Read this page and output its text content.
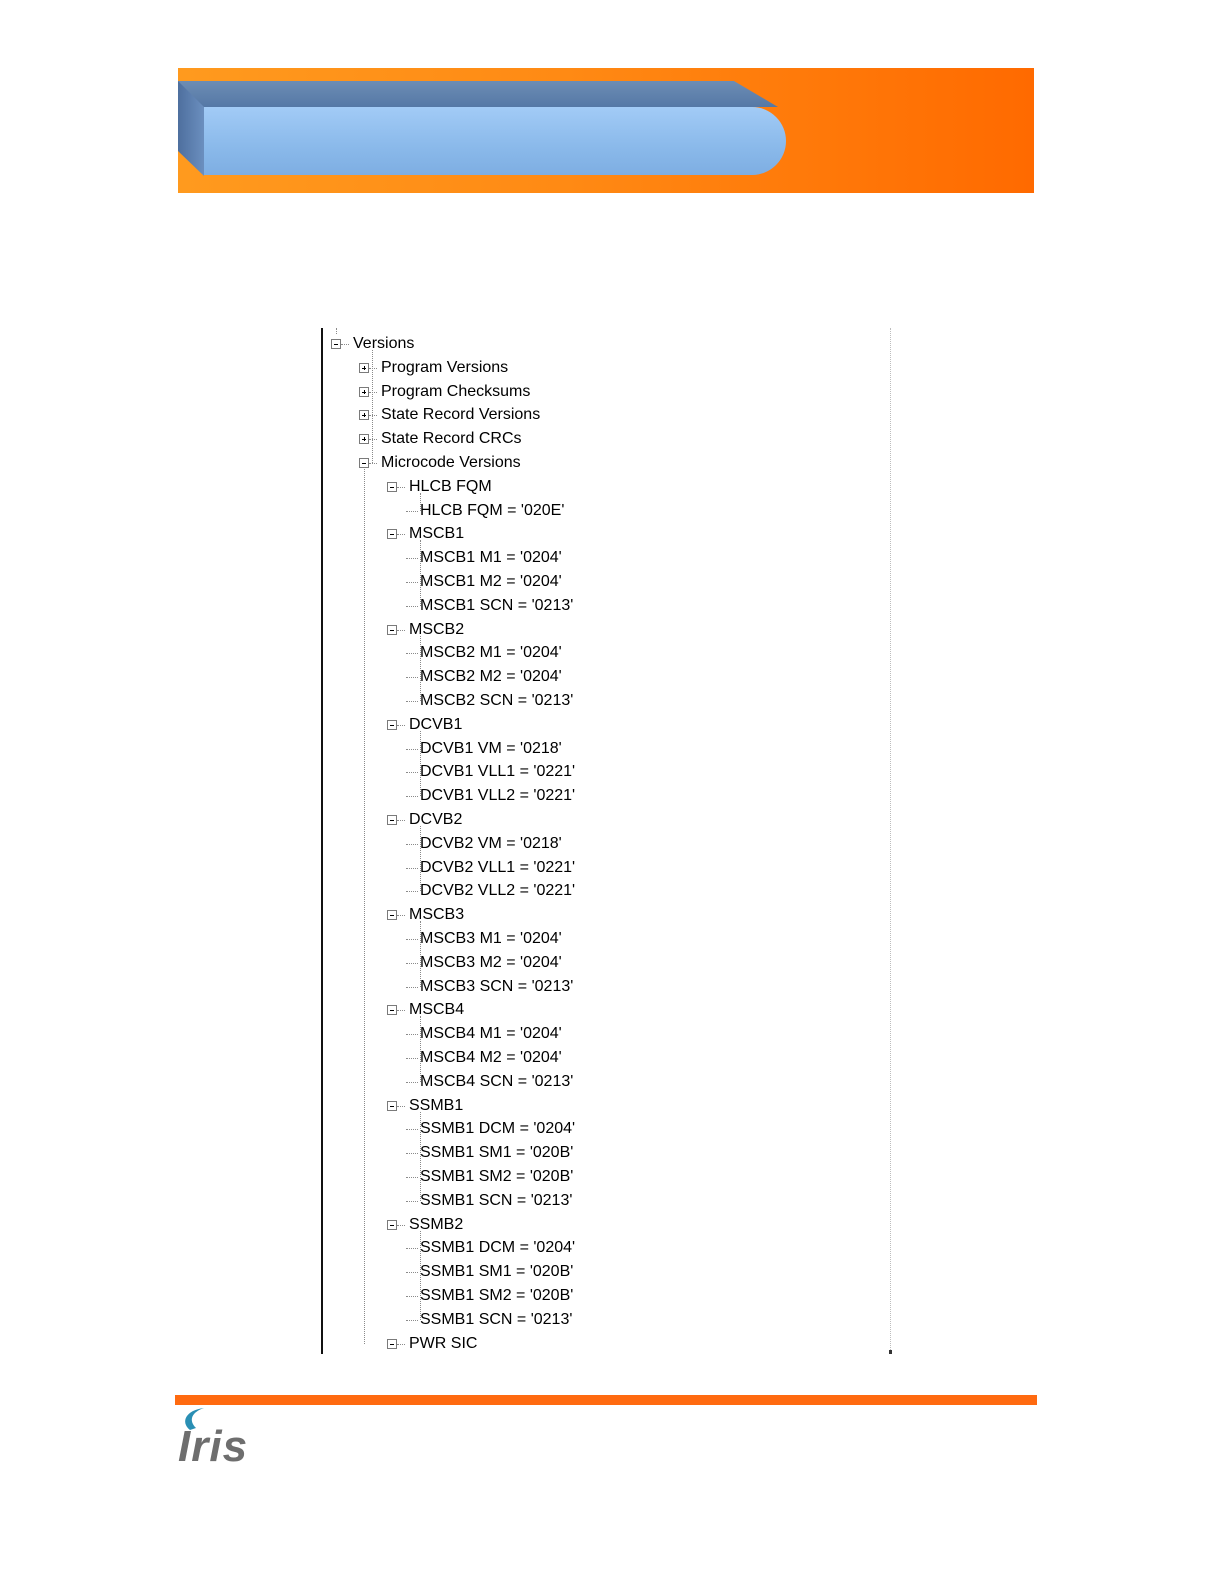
Versions
Program Versions
Program Checksums
State Record Versions
State Record CRCs
Microcode Versions
HLCB FQM
HLCB FQM = '020E'
MSCB1
MSCB1 M1 = '0204'
MSCB1 M2 = '0204'
MSCB1 SCN = '0213'
MSCB2
MSCB2 M1 = '0204'
MSCB2 M2 = '0204'
MSCB2 SCN = '0213'
DCVB1
DCVB1 VM = '0218'
DCVB1 VLL1 = '0221'
DCVB1 VLL2 = '0221'
DCVB2
DCVB2 VM = '0218'
DCVB2 VLL1 = '0221'
DCVB2 VLL2 = '0221'
MSCB3
MSCB3 M1 = '0204'
MSCB3 M2 = '0204'
MSCB3 SCN = '0213'
MSCB4
MSCB4 M1 = '0204'
MSCB4 M2 = '0204'
MSCB4 SCN = '0213'
SSMB1
SSMB1 DCM = '0204'
SSMB1 SM1 = '020B'
SSMB1 SM2 = '020B'
SSMB1 SCN = '0213'
SSMB2
SSMB1 DCM = '0204'
SSMB1 SM1 = '020B'
SSMB1 SM2 = '020B'
SSMB1 SCN = '0213'
PWR SIC
Iris
